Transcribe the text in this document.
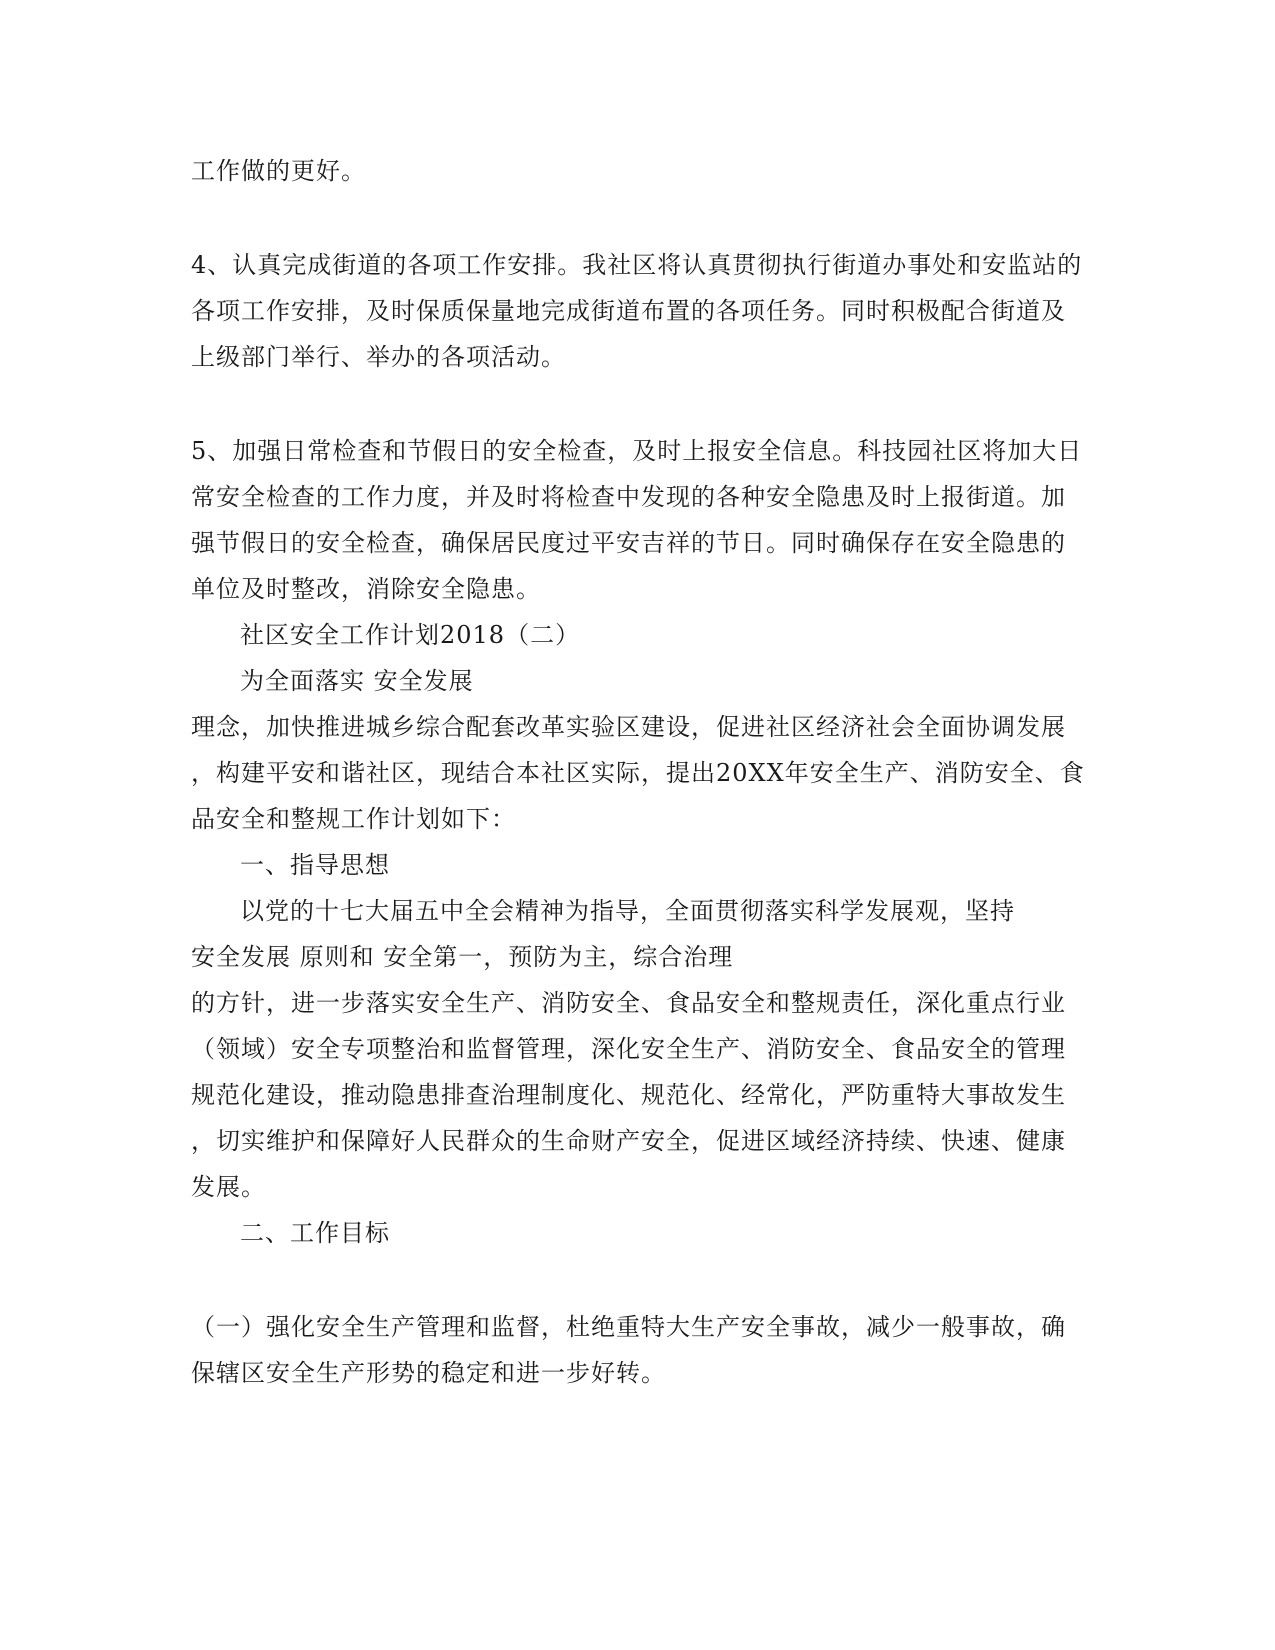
工作做的更好。

4、认真完成街道的各项工作安排。我社区将认真贯彻执行街道办事处和安监站的

各项工作安排，及时保质保量地完成街道布置的各项任务。同时积极配合街道及

上级部门举行、举办的各项活动。

5、加强日常检查和节假日的安全检查，及时上报安全信息。科技园社区将加大日

常安全检查的工作力度，并及时将检查中发现的各种安全隐患及时上报街道。加

强节假日的安全检查，确保居民度过平安吉祥的节日。同时确保存在安全隐患的

单位及时整改，消除安全隐患。

社区安全工作计划2018（二）

为全面落实 安全发展

理念，加快推进城乡综合配套改革实验区建设，促进社区经济社会全面协调发展

，构建平安和谐社区，现结合本社区实际，提出20XX年安全生产、消防安全、食

品安全和整规工作计划如下：

一、指导思想

以党的十七大届五中全会精神为指导，全面贯彻落实科学发展观，坚持

安全发展 原则和 安全第一，预防为主，综合治理

的方针，进一步落实安全生产、消防安全、食品安全和整规责任，深化重点行业

（领域）安全专项整治和监督管理，深化安全生产、消防安全、食品安全的管理

规范化建设，推动隐患排查治理制度化、规范化、经常化，严防重特大事故发生

，切实维护和保障好人民群众的生命财产安全，促进区域经济持续、快速、健康

发展。

二、工作目标

（一）强化安全生产管理和监督，杜绝重特大生产安全事故，减少一般事故，确

保辖区安全生产形势的稳定和进一步好转。
